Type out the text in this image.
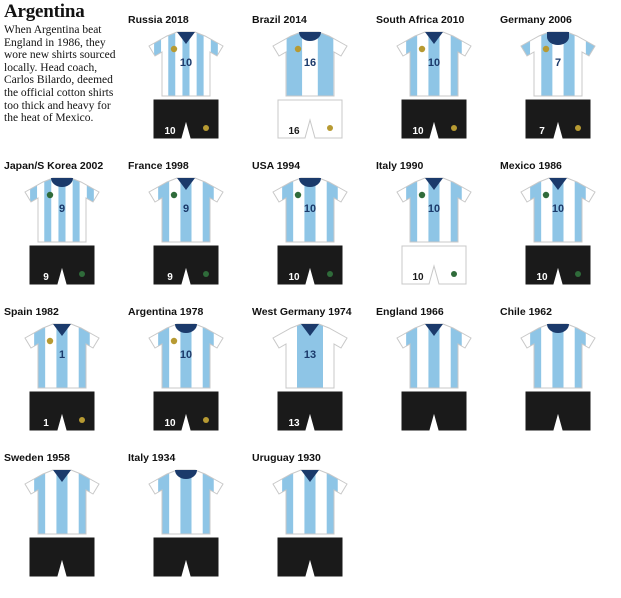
Argentina

When Argentina beat England in 1986, they wore new shirts sourced locally. Head coach, Carlos Bilardo, deemed the official cotton shirts too thick and heavy for the heat of Mexico.

Russia 2018
10
10
Brazil 2014
16
16
South Africa 2010
10
10
Germany 2006
7
7
Japan/S Korea 2002
9
9
France 1998
9
9
USA 1994
10
10
Italy 1990
10
10
Mexico 1986
10
10
Spain 1982
1
1
Argentina 1978
10
10
West Germany 1974
13
13
England 1966	Chile 1962
Sweden 1958	Italy 1934	Uruguay 1930
